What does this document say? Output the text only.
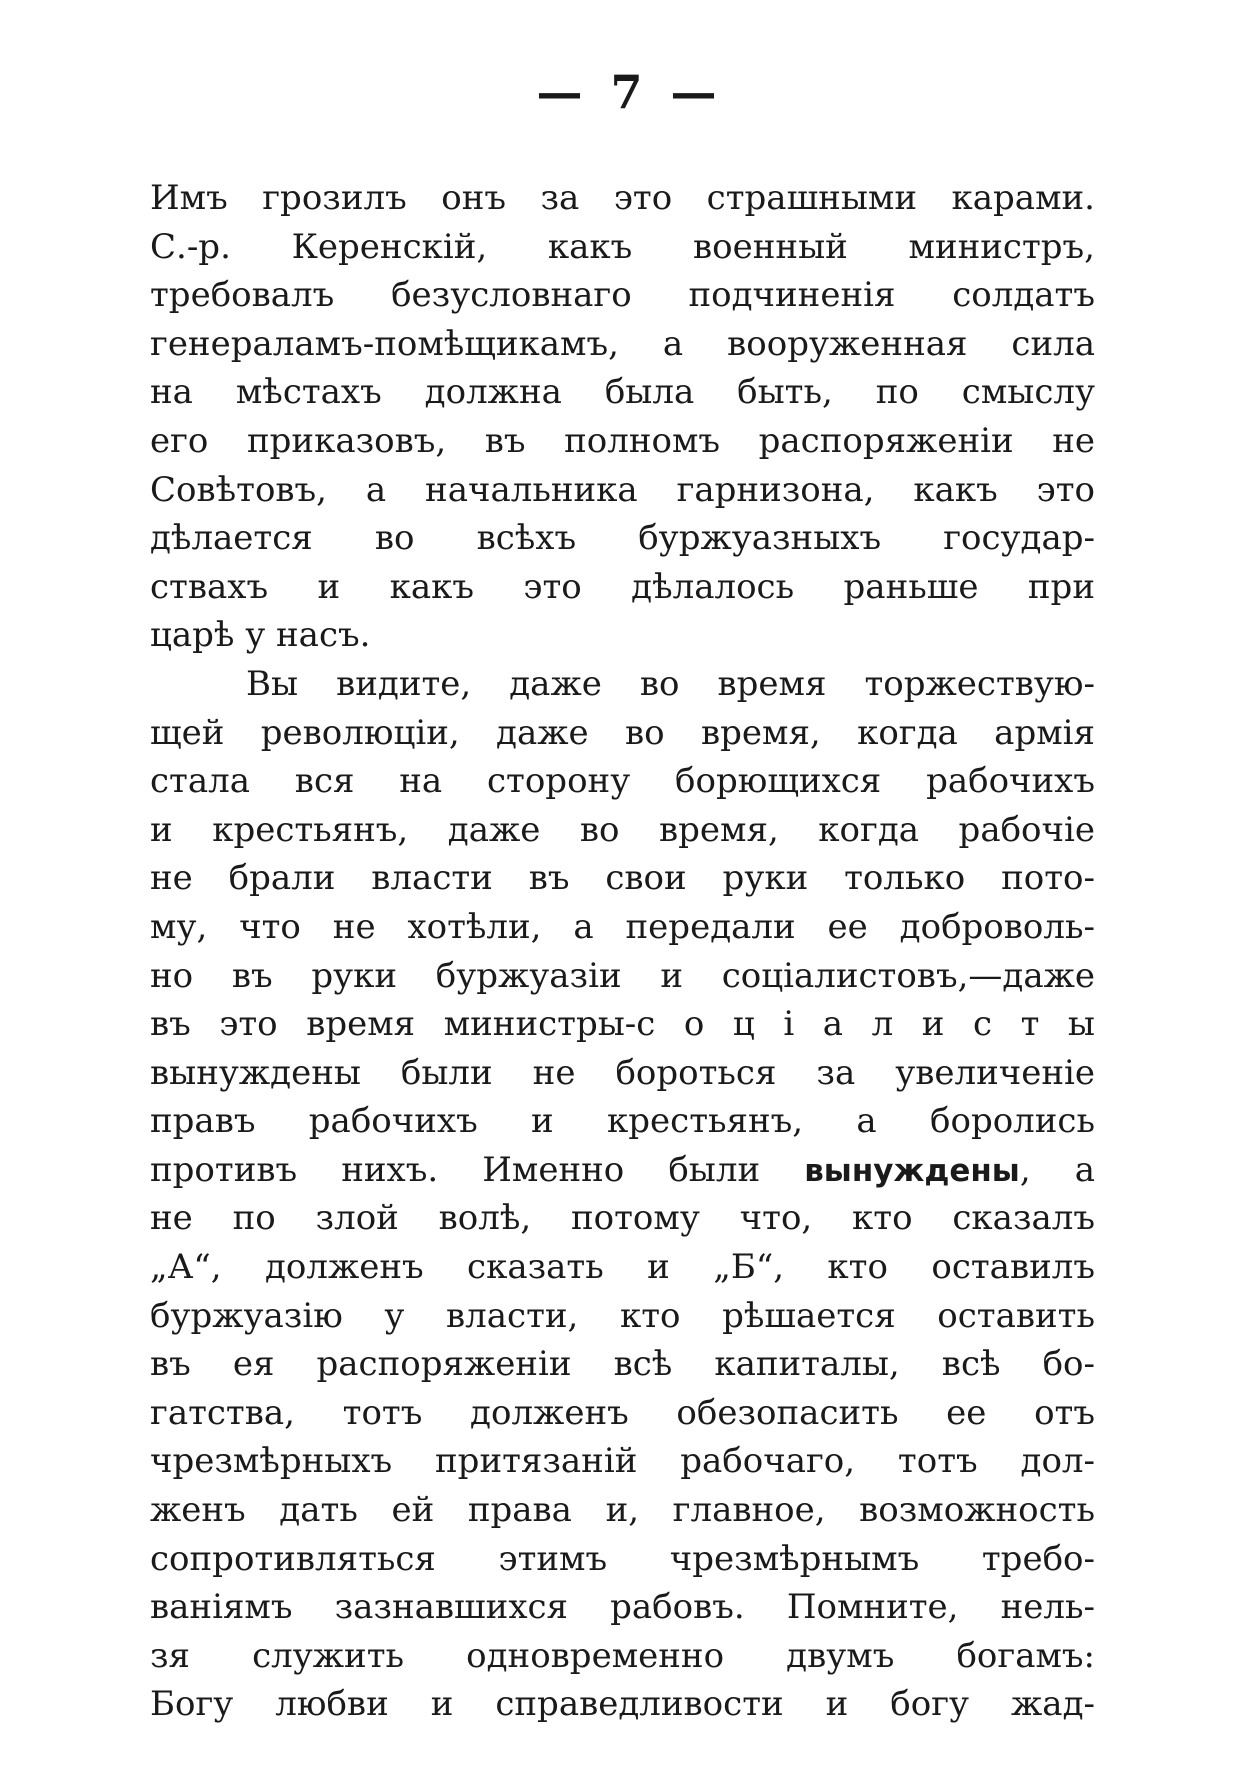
— 7 —
Имъ грозилъ онъ за это страшными карами.
С.-р. Керенскій, какъ военный министръ,
требовалъ безусловнаго подчиненія солдатъ
генераламъ-помѣщикамъ, а вооруженная сила
на мѣстахъ должна была быть, по смыслу
его приказовъ, въ полномъ распоряженіи не
Совѣтовъ, а начальника гарнизона, какъ это
дѣлается во всѣхъ буржуазныхъ государ-
ствахъ и какъ это дѣлалось раньше при
царѣ у насъ.
Вы видите, даже во время торжествую-
щей революціи, даже во время, когда армія
стала вся на сторону борющихся рабочихъ
и крестьянъ, даже во время, когда рабочіе
не брали власти въ свои руки только пото-
му, что не хотѣли, а передали ее доброволь-
но въ руки буржуазіи и соціалистовъ,—даже
въ это время министры-с о ц і а л и с т ы
вынуждены были не бороться за увеличеніе
правъ рабочихъ и крестьянъ, а боролись
противъ нихъ. Именно были вынуждены, а
не по злой волѣ, потому что, кто сказалъ
„А“, долженъ сказать и „Б“, кто оставилъ
буржуазію у власти, кто рѣшается оставить
въ ея распоряженіи всѣ капиталы, всѣ бо-
гатства, тотъ долженъ обезопасить ее отъ
чрезмѣрныхъ притязаній рабочаго, тотъ дол-
женъ дать ей права и, главное, возможность
сопротивляться этимъ чрезмѣрнымъ требо-
ваніямъ зазнавшихся рабовъ. Помните, нель-
зя служить одновременно двумъ богамъ:
Богу любви и справедливости и богу жад-
